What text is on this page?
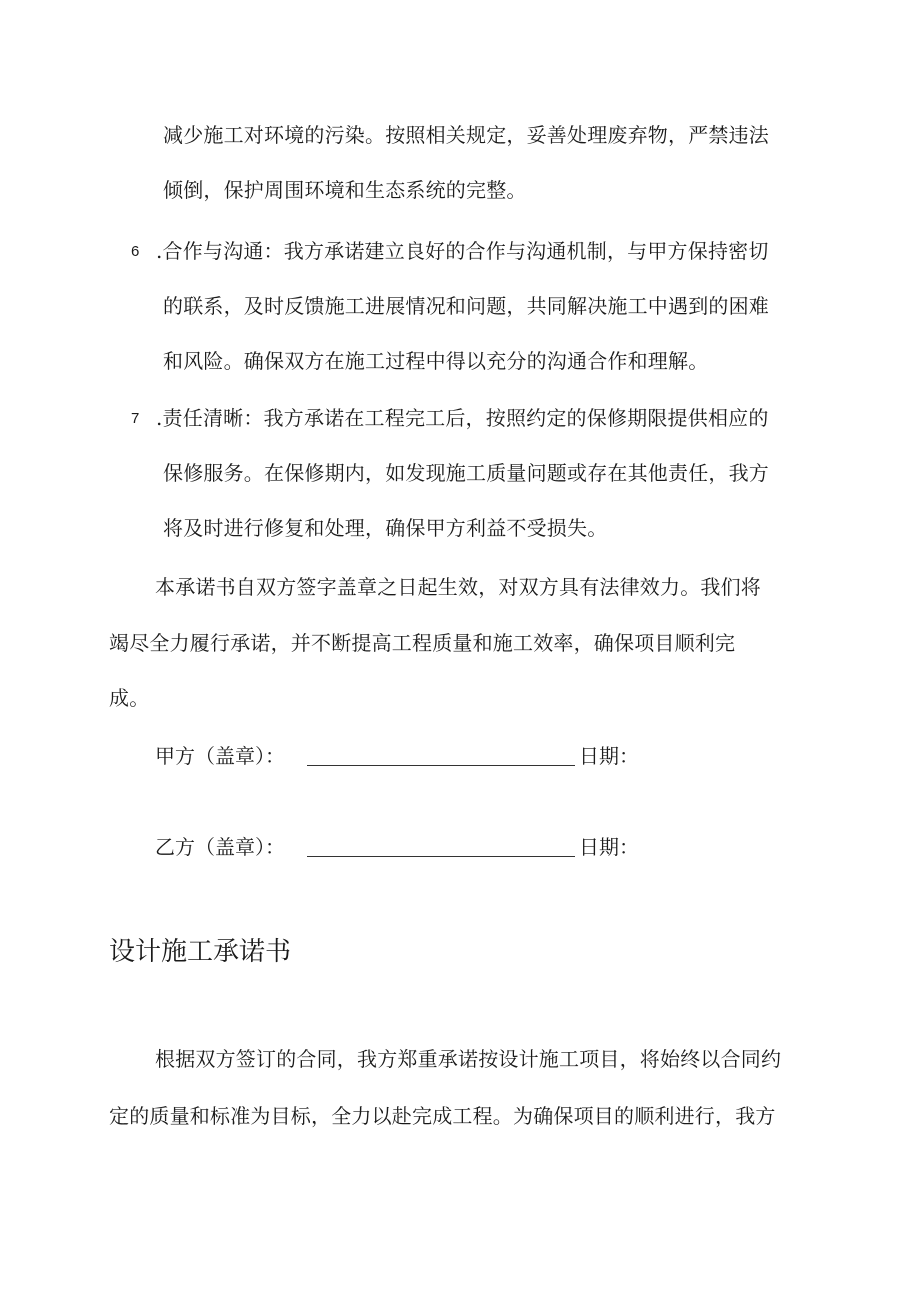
减少施工对环境的污染。按照相关规定，妥善处理废弃物，严禁违法
倾倒，保护周围环境和生态系统的完整。
6 .合作与沟通：我方承诺建立良好的合作与沟通机制，与甲方保持密切
的联系，及时反馈施工进展情况和问题，共同解决施工中遇到的困难
和风险。确保双方在施工过程中得以充分的沟通合作和理解。
7 .责任清晰：我方承诺在工程完工后，按照约定的保修期限提供相应的
保修服务。在保修期内，如发现施工质量问题或存在其他责任，我方
将及时进行修复和处理，确保甲方利益不受损失。
本承诺书自双方签字盖章之日起生效，对双方具有法律效力。我们将
竭尽全力履行承诺，并不断提高工程质量和施工效率，确保项目顺利完
成。
甲方（盖章）：	日期：
乙方（盖章）：	日期：
设计施工承诺书
根据双方签订的合同，我方郑重承诺按设计施工项目，将始终以合同约
定的质量和标准为目标，全力以赴完成工程。为确保项目的顺利进行，我方
